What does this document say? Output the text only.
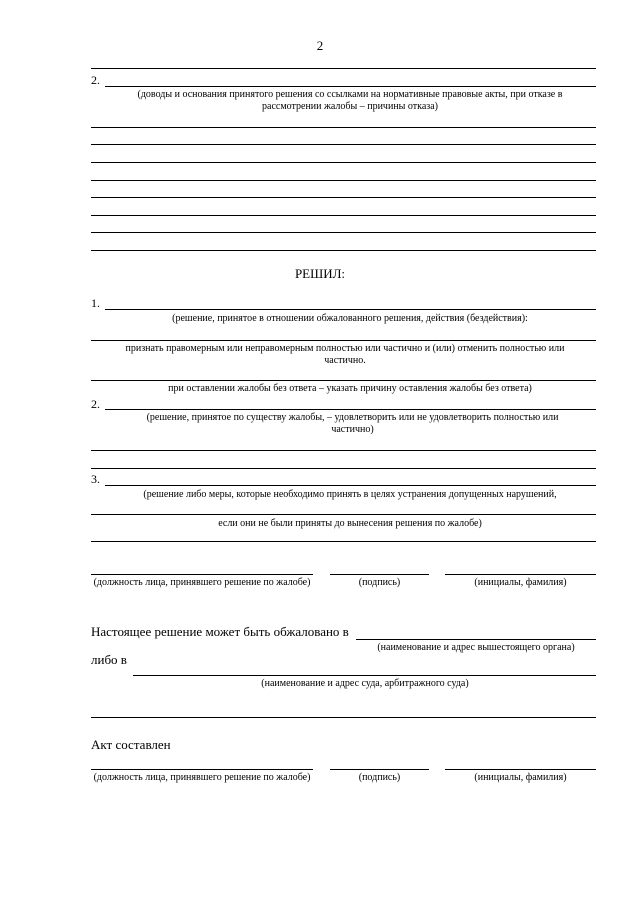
2
2.
(доводы и основания принятого решения со ссылками на нормативные правовые акты, при отказе в рассмотрении жалобы – причины отказа)
РЕШИЛ:
1.
(решение, принятое в отношении обжалованного решения, действия (бездействия):
признать правомерным или неправомерным полностью или частично и (или) отменить полностью или частично.
при оставлении жалобы без ответа – указать причину оставления жалобы без ответа)
2.
(решение, принятое по существу жалобы, – удовлетворить или не удовлетворить полностью или частично)
3.
(решение либо меры, которые необходимо принять в целях устранения допущенных нарушений,
если они не были приняты до вынесения решения по жалобе)
(должность лица, принявшего решение по жалобе)	(подпись)	(инициалы, фамилия)
Настоящее решение может быть обжаловано в
(наименование и адрес вышестоящего органа)
либо в
(наименование и адрес суда, арбитражного суда)
Акт составлен
(должность лица, принявшего решение по жалобе)	(подпись)	(инициалы, фамилия)
